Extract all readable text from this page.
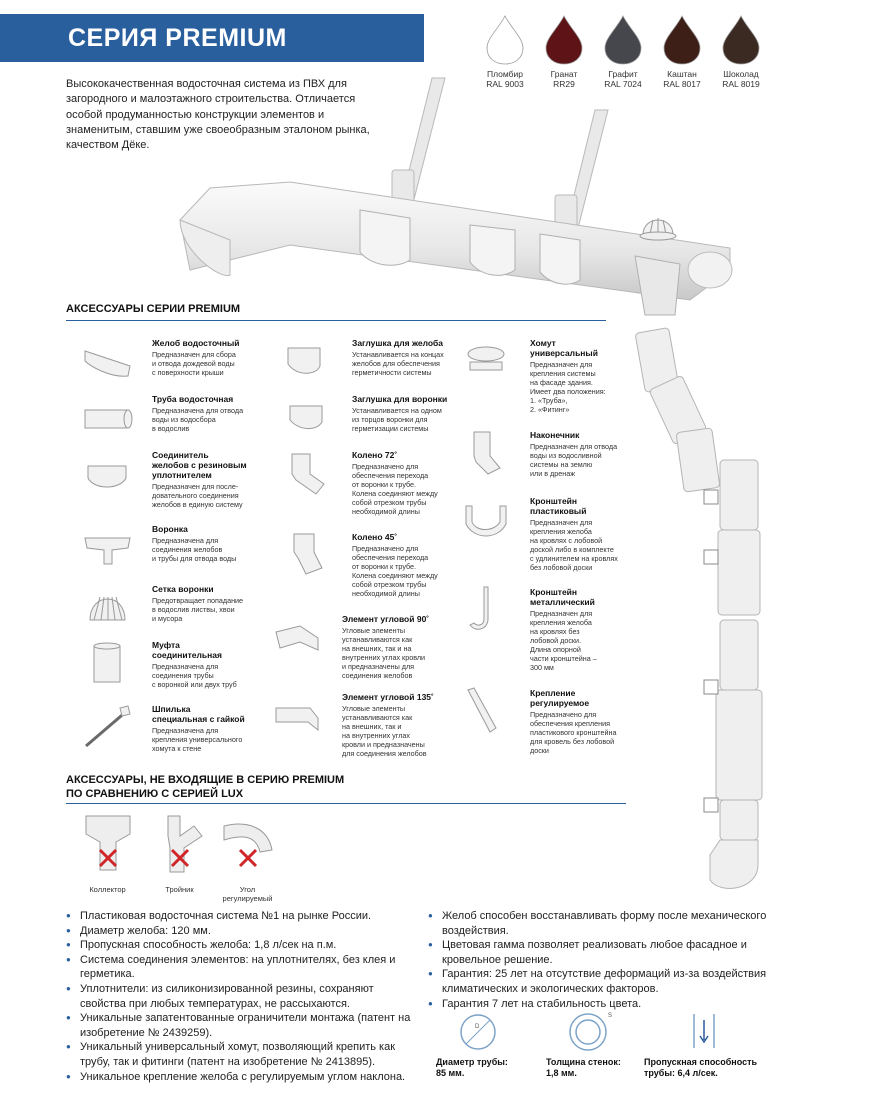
СЕРИЯ PREMIUM

Высококачественная водосточная система из ПВХ для загородного и малоэтажного строительства. Отличается особой продуманностью конструкции элементов и знаменитым, ставшим уже своеобразным эталоном рынка, качеством Дёке.

Пломбир
RAL 9003
Гранат
RR29
Графит
RAL 7024
Каштан
RAL 8017
Шоколад
RAL 8019
АКСЕССУАРЫ СЕРИИ PREMIUM
Желоб водосточный
Предназначен для сбора
и отвода дождевой воды
с поверхности крыши
Труба водосточная
Предназначена для отвода
воды из водосбора
в водослив
Соединитель
желобов с резиновым
уплотнителем
Предназначен для после-
довательного соединения
желобов в единую систему
Воронка
Предназначена для
соединения желобов
и трубы для отвода воды
Сетка воронки
Предотвращает попадание
в водослив листвы, хвои
и мусора
Муфта
соединительная
Предназначена для
соединения трубы
с воронкой или двух труб
Шпилька
специальная с гайкой
Предназначена для
крепления универсального
хомута к стене
Заглушка для желоба
Устанавливается на концах
желобов для обеспечения
герметичности системы
Заглушка для воронки
Устанавливается на одном
из торцов воронки для
герметизации системы
Колено 72˚
Предназначено для
обеспечения перехода
от воронки к трубе.
Колена соединяют между
собой отрезком трубы
необходимой длины
Колено 45˚
Предназначено для
обеспечения перехода
от воронки к трубе.
Колена соединяют между
собой отрезком трубы
необходимой длины
Элемент угловой 90˚
Угловые элементы
устанавливаются как
на внешних, так и на
внутренних углах кровли
и предназначены для
соединения желобов
Элемент угловой 135˚
Угловые элементы
устанавливаются как
на внешних, так и
на внутренних углах
кровли и предназначены
для соединения желобов
Хомут
универсальный
Предназначен для
крепления системы
на фасаде здания.
Имеет два положения:
1. «Труба»,
2. «Фитинг»
Наконечник
Предназначен для отвода
воды из водосливной
системы на землю
или в дренаж
Кронштейн
пластиковый
Предназначен для
крепления желоба
на кровлях с лобовой
доской либо в комплекте
с удлинителем на кровлях
без лобовой доски
Кронштейн
металлический
Предназначен для
крепления желоба
на кровлях без
лобовой доски.
Длина опорной
части кронштейна –
300 мм
Крепление
регулируемое
Предназначено для
обеспечения крепления
пластикового кронштейна
для кровель без лобовой
доски
АКСЕССУАРЫ, НЕ ВХОДЯЩИЕ В СЕРИЮ PREMIUM
ПО СРАВНЕНИЮ С СЕРИЕЙ LUX
Коллектор	Тройник	Угол
регулируемый
● Пластиковая водосточная система №1 на рынке России.
● Диаметр желоба: 120 мм.
● Пропускная способность желоба: 1,8 л/сек на п.м.
● Система соединения элементов: на уплотнителях, без клея и герметика.
● Уплотнители: из силиконизированной резины, сохраняют свойства при любых температурах, не рассыхаются.
● Уникальные запатентованные ограничители монтажа (патент на изобретение № 2439259).
● Уникальный универсальный хомут, позволяющий крепить как трубу, так и фитинги (патент на изобретение № 2413895).
● Уникальное крепление желоба с регулируемым углом наклона.
● Желоб способен восстанавливать форму после механического воздействия.
● Цветовая гамма позволяет реализовать любое фасадное и кровельное решение.
● Гарантия: 25 лет на отсутствие деформаций из-за воздействия климатических и экологических факторов.
● Гарантия 7 лет на стабильность цвета.
D
Диаметр трубы:
85 мм.
S
Толщина стенок:
1,8 мм.
Пропускная способность
трубы: 6,4 л/сек.
